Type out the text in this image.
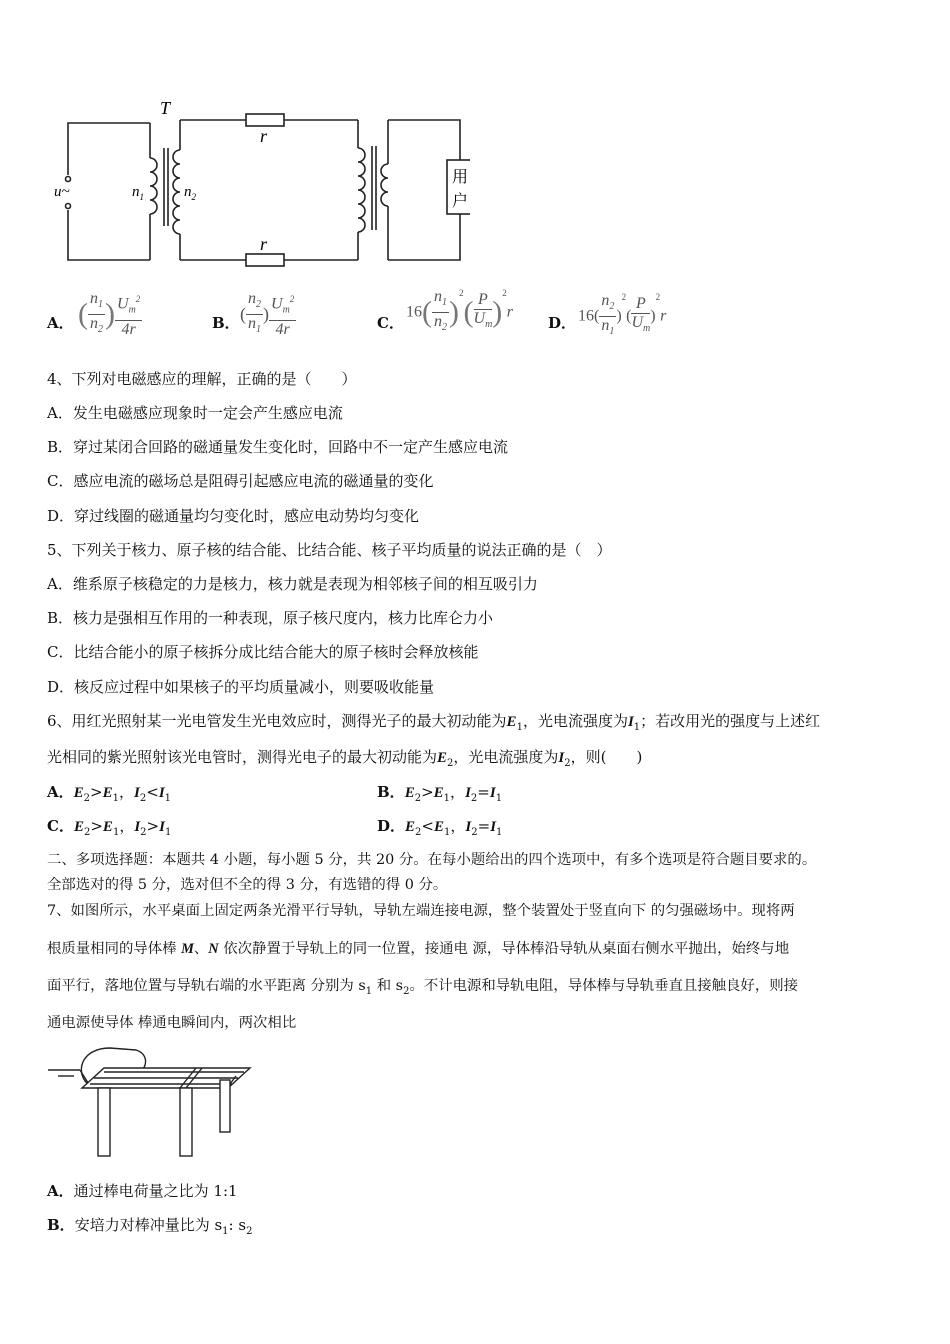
T
u~	$n_1$	$n_2$
r
r
用
户
A． ( $\frac{n_1}{n_2}$ ) $\frac{U_m^2}{4r}$	B． ( $\frac{n_2}{n_1}$ ) $\frac{U_m^2}{4r}$	C．
$16( \frac{n_1}{n_2} )^2( \frac{P}{U_m} )^2r$
D． $16( \frac{n_2}{n_1} )^2( \frac{P}{U_m} )^2r$
4、下列对电磁感应的理解，正确的是（　　）
A．发生电磁感应现象时一定会产生感应电流
B．穿过某闭合回路的磁通量发生变化时，回路中不一定产生感应电流
C．感应电流的磁场总是阻碍引起感应电流的磁通量的变化
D．穿过线圈的磁通量均匀变化时，感应电动势均匀变化
5、下列关于核力、原子核的结合能、比结合能、核子平均质量的说法正确的是（　）
A．维系原子核稳定的力是核力，核力就是表现为相邻核子间的相互吸引力
B．核力是强相互作用的一种表现，原子核尺度内，核力比库仑力小
C．比结合能小的原子核拆分成比结合能大的原子核时会释放核能
D．核反应过程中如果核子的平均质量减小，则要吸收能量
6、用红光照射某一光电管发生光电效应时，测得光子的最大初动能为$E_1$，光电流强度为$I_1$；若改用光的强度与上述红
光相同的紫光照射该光电管时，测得光电子的最大初动能为$E_2$，光电流强度为$I_2$，则(　　)
A．$E_2>E_1$，$I_2<I_1$	B．$E_2>E_1$，$I_2=I_1$
C．$E_2>E_1$，$I_2>I_1$	D．$E_2<E_1$，$I_2=I_1$
二、多项选择题：本题共 4 小题，每小题 5 分，共 20 分。在每小题给出的四个选项中，有多个选项是符合题目要求的。
全部选对的得 5 分，选对但不全的得 3 分，有选错的得 0 分。
7、如图所示，水平桌面上固定两条光滑平行导轨，导轨左端连接电源，整个装置处于竖直向下 的匀强磁场中。现将两
根质量相同的导体棒 M、N 依次静置于导轨上的同一位置，接通电 源，导体棒沿导轨从桌面右侧水平抛出，始终与地
面平行，落地位置与导轨右端的水平距离 分别为 $s_1$ 和 $s_2$。不计电源和导轨电阻，导体棒与导轨垂直且接触良好，则接
通电源使导体 棒通电瞬间内，两次相比
A．通过棒电荷量之比为 1:1
B．安培力对棒冲量比为 $s_1$: $s_2$
